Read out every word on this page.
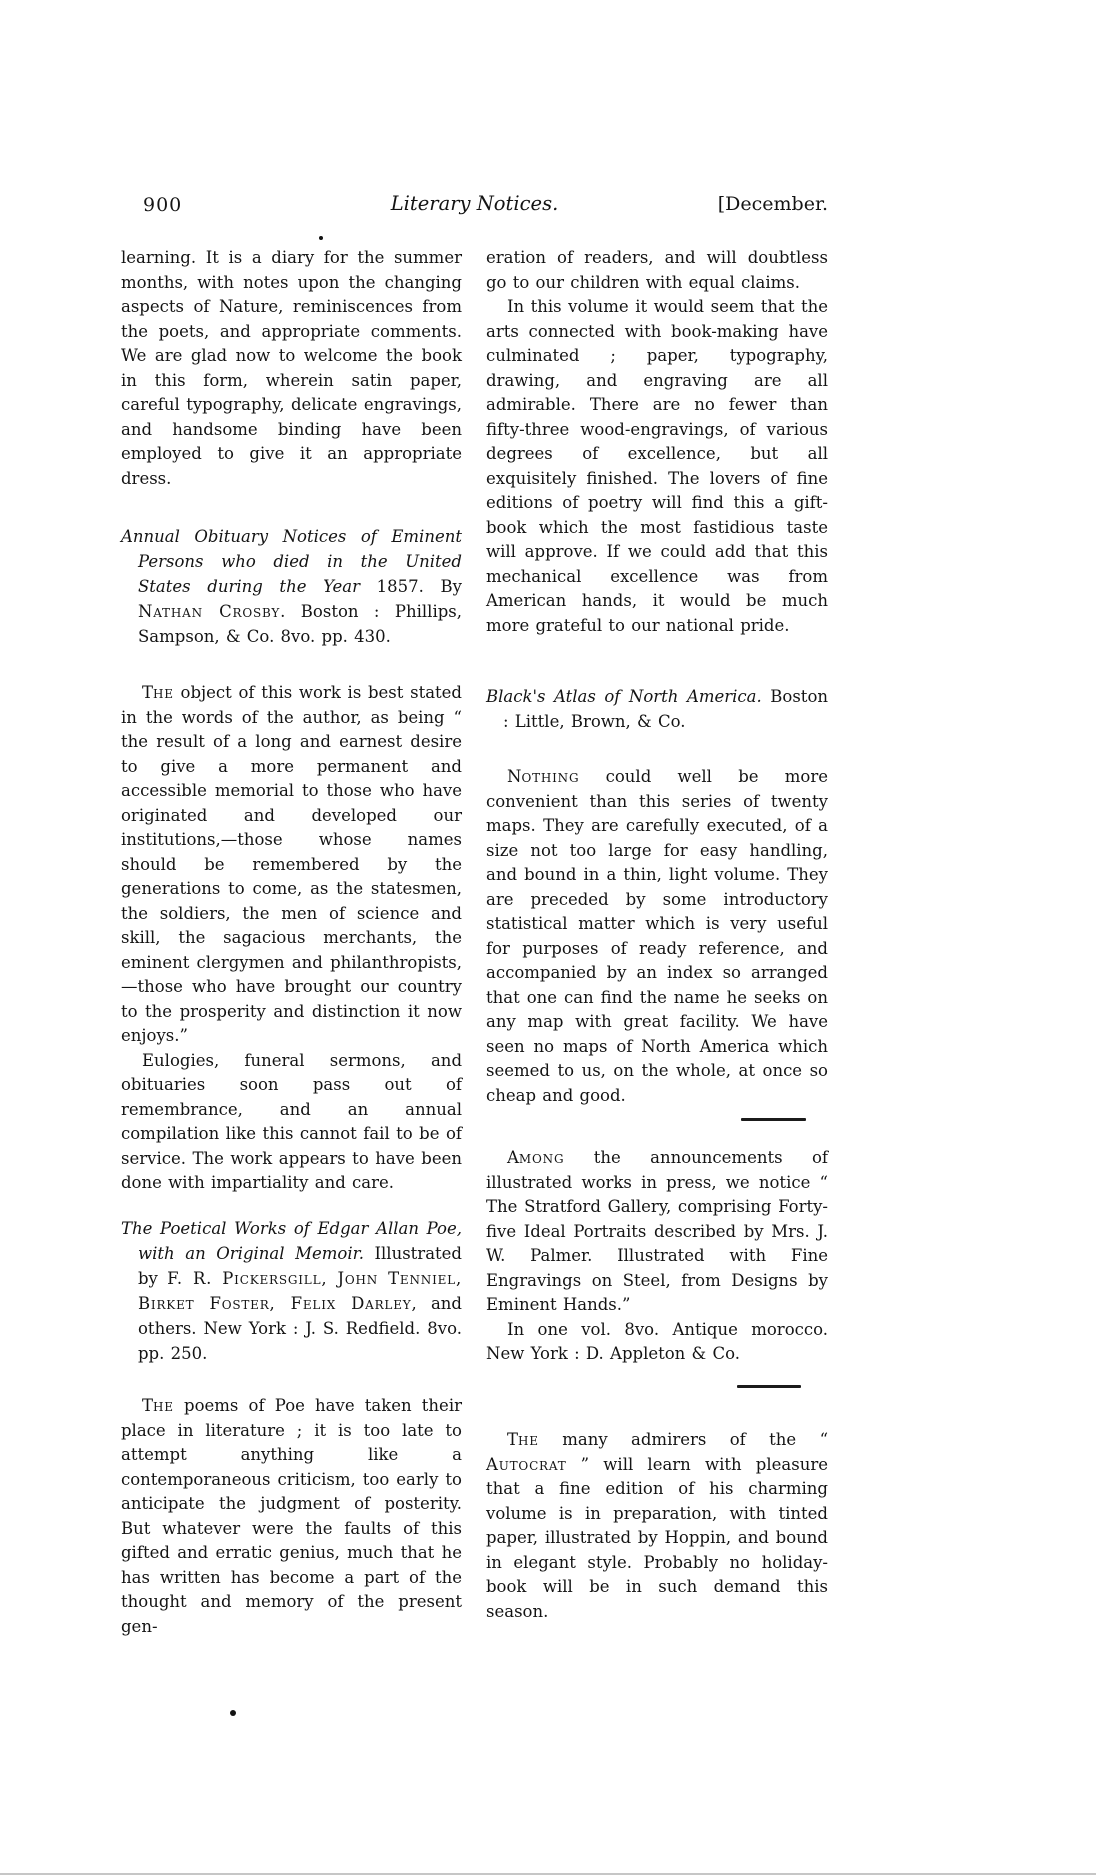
900	Literary Notices.	[December.

learning. It is a diary for the summer months, with notes upon the changing aspects of Nature, reminiscences from the poets, and appropriate comments. We are glad now to welcome the book in this form, wherein satin paper, careful typography, delicate engravings, and handsome binding have been employed to give it an appropriate dress.

Annual Obituary Notices of Eminent Persons who died in the United States during the Year 1857. By Nathan Crosby. Boston : Phillips, Sampson, & Co. 8vo. pp. 430.

The object of this work is best stated in the words of the author, as being “ the result of a long and earnest desire to give a more permanent and accessible memorial to those who have originated and developed our institutions,—those whose names should be remembered by the generations to come, as the statesmen, the soldiers, the men of science and skill, the sagacious merchants, the eminent clergymen and philanthropists,—those who have brought our country to the prosperity and distinction it now enjoys.”

Eulogies, funeral sermons, and obituaries soon pass out of remembrance, and an annual compilation like this cannot fail to be of service. The work appears to have been done with impartiality and care.

The Poetical Works of Edgar Allan Poe, with an Original Memoir. Illustrated by F. R. Pickersgill, John Tenniel, Birket Foster, Felix Darley, and others. New York : J. S. Redfield. 8vo. pp. 250.

The poems of Poe have taken their place in literature ; it is too late to attempt anything like a contemporaneous criticism, too early to anticipate the judgment of posterity. But whatever were the faults of this gifted and erratic genius, much that he has written has become a part of the thought and memory of the present gen-

eration of readers, and will doubtless go to our children with equal claims.

In this volume it would seem that the arts connected with book-making have culminated ; paper, typography, drawing, and engraving are all admirable. There are no fewer than fifty-three wood-engravings, of various degrees of excellence, but all exquisitely finished. The lovers of fine editions of poetry will find this a gift-book which the most fastidious taste will approve. If we could add that this mechanical excellence was from American hands, it would be much more grateful to our national pride.

Black's Atlas of North America. Boston : Little, Brown, & Co.

Nothing could well be more convenient than this series of twenty maps. They are carefully executed, of a size not too large for easy handling, and bound in a thin, light volume. They are preceded by some introductory statistical matter which is very useful for purposes of ready reference, and accompanied by an index so arranged that one can find the name he seeks on any map with great facility. We have seen no maps of North America which seemed to us, on the whole, at once so cheap and good.

Among the announcements of illustrated works in press, we notice “ The Stratford Gallery, comprising Forty-five Ideal Portraits described by Mrs. J. W. Palmer. Illustrated with Fine Engravings on Steel, from Designs by Eminent Hands.”

In one vol. 8vo. Antique morocco. New York : D. Appleton & Co.

The many admirers of the “ Autocrat ” will learn with pleasure that a fine edition of his charming volume is in preparation, with tinted paper, illustrated by Hoppin, and bound in elegant style. Probably no holiday-book will be in such demand this season.
